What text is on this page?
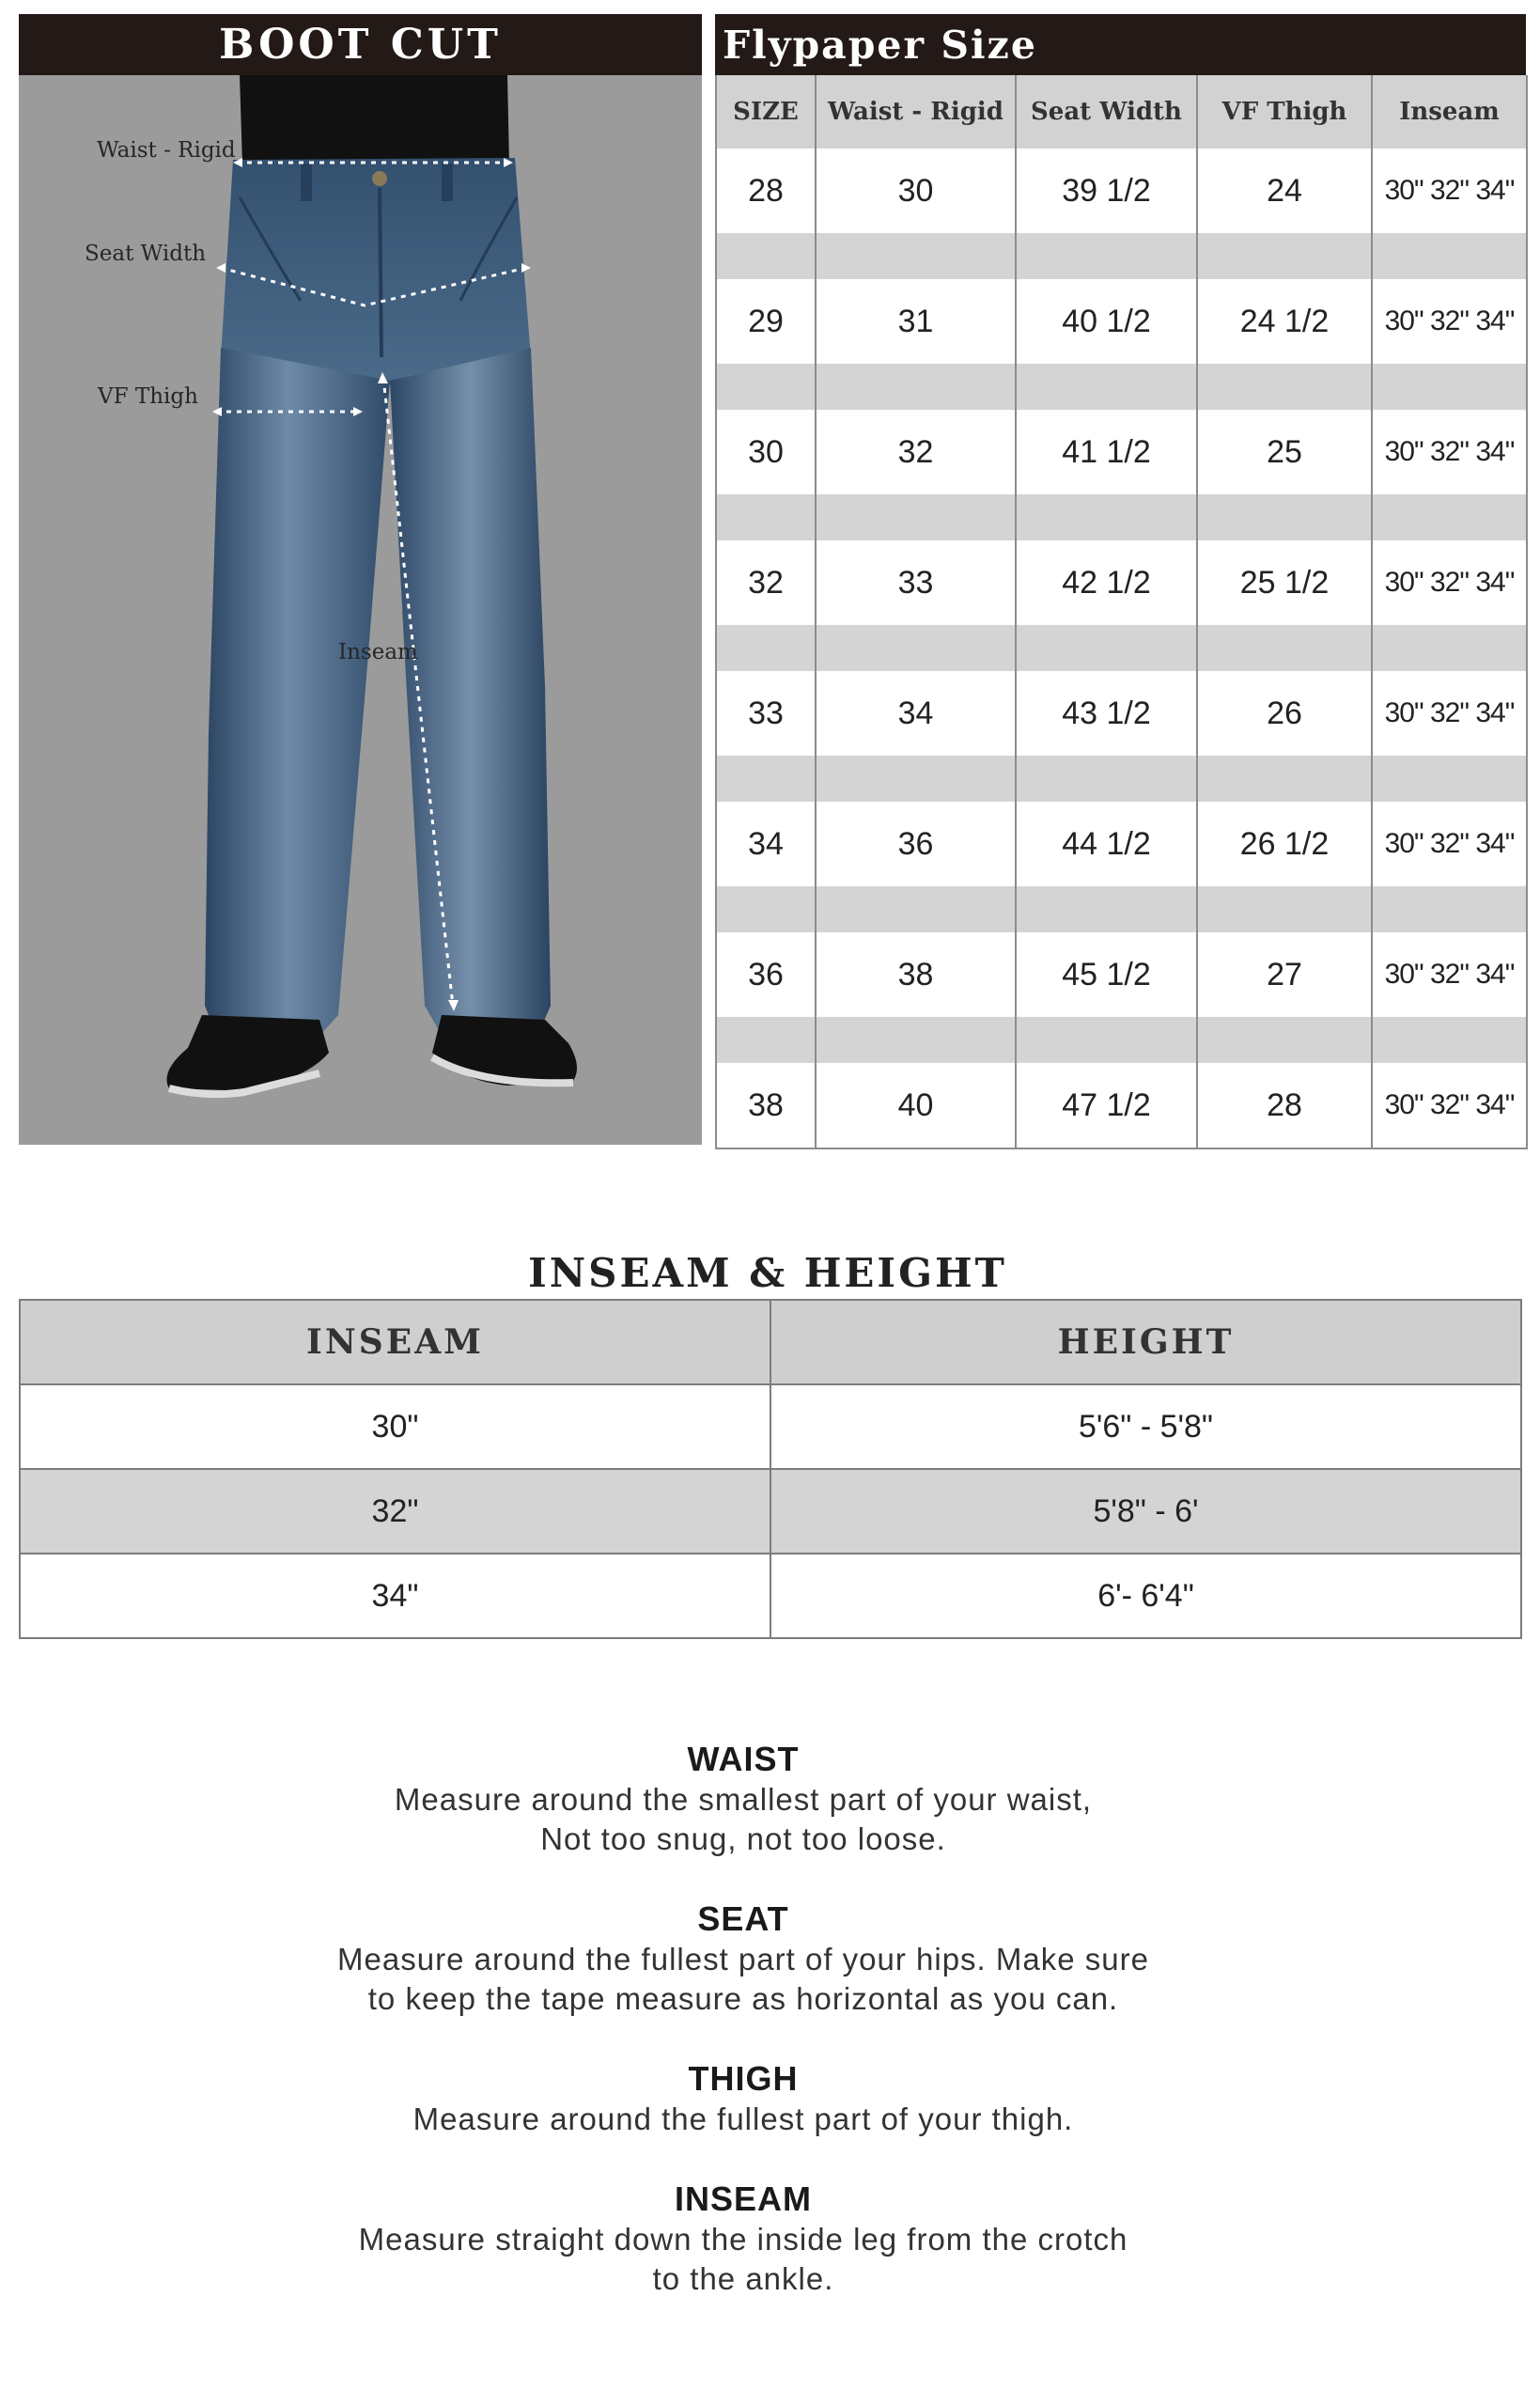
BOOT CUT
Waist - Rigid
Seat Width
VF Thigh
Inseam
Flypaper Size
SIZE	Waist - Rigid	Seat Width	VF Thigh	Inseam
28	30	39 1/2	24	30" 32" 34"

29	31	40 1/2	24 1/2	30" 32" 34"

30	32	41 1/2	25	30" 32" 34"

32	33	42 1/2	25 1/2	30" 32" 34"

33	34	43 1/2	26	30" 32" 34"

34	36	44 1/2	26 1/2	30" 32" 34"

36	38	45 1/2	27	30" 32" 34"

38	40	47 1/2	28	30" 32" 34"
INSEAM & HEIGHT
INSEAM	HEIGHT
30"	5'6" - 5'8"
32"	5'8" - 6'
34"	6'- 6'4"
WAIST
Measure around the smallest part of your waist,
Not too snug, not too loose.
SEAT
Measure around the fullest part of your hips. Make sure
to keep the tape measure as horizontal as you can.
THIGH
Measure around the fullest part of your thigh.
INSEAM
Measure straight down the inside leg from the crotch
to the ankle.
